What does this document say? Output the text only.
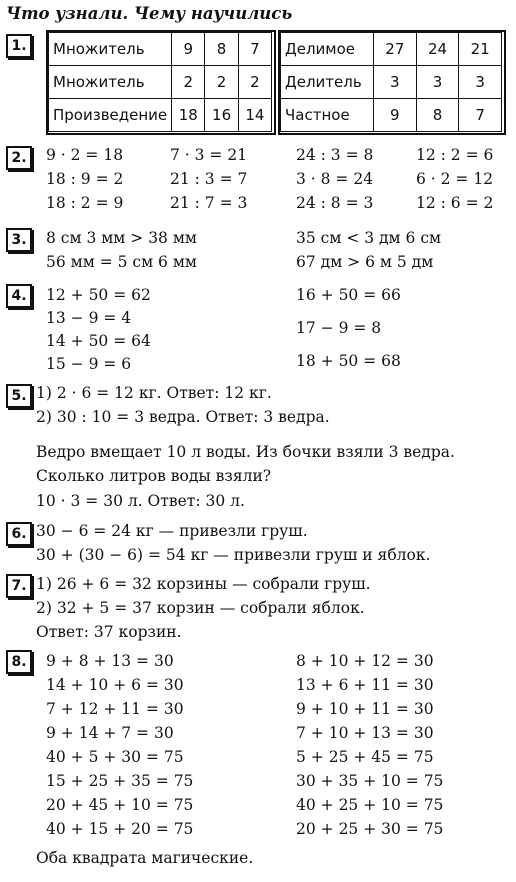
Что узнали. Чему научились
1.	Множитель	9	8	7
Множитель	2	2	2
Произведение	18	16	14
Делимое	27	24	21
Делитель	3	3	3
Частное	9	8	7
2.	9 · 2 = 18
18 : 9 = 2
18 : 2 = 9
7 · 3 = 21
21 : 3 = 7
21 : 7 = 3
24 : 3 = 8
3 · 8 = 24
24 : 8 = 3
12 : 2 = 6
6 · 2 = 12
12 : 6 = 2
3.	8 см 3 мм > 38 мм
56 мм = 5 см 6 мм
35 см < 3 дм 6 см
67 дм > 6 м 5 дм
4.	12 + 50 = 62
13 − 9 = 4
14 + 50 = 64
15 − 9 = 6
16 + 50 = 66
17 − 9 = 8
18 + 50 = 68
5. 1) 2 · 6 = 12 кг. Ответ: 12 кг.
2) 30 : 10 = 3 ведра. Ответ: 3 ведра.
Ведро вмещает 10 л воды. Из бочки взяли 3 ведра.
Сколько литров воды взяли?
10 · 3 = 30 л. Ответ: 30 л.
6. 30 − 6 = 24 кг — привезли груш.
30 + (30 − 6) = 54 кг — привезли груш и яблок.
7. 1) 26 + 6 = 32 корзины — собрали груш.
2) 32 + 5 = 37 корзин — собрали яблок.
Ответ: 37 корзин.
8.	9 + 8 + 13 = 30
14 + 10 + 6 = 30
7 + 12 + 11 = 30
9 + 14 + 7 = 30
40 + 5 + 30 = 75
15 + 25 + 35 = 75
20 + 45 + 10 = 75
40 + 15 + 20 = 75
8 + 10 + 12 = 30
13 + 6 + 11 = 30
9 + 10 + 11 = 30
7 + 10 + 13 = 30
5 + 25 + 45 = 75
30 + 35 + 10 = 75
40 + 25 + 10 = 75
20 + 25 + 30 = 75
Оба квадрата магические.
